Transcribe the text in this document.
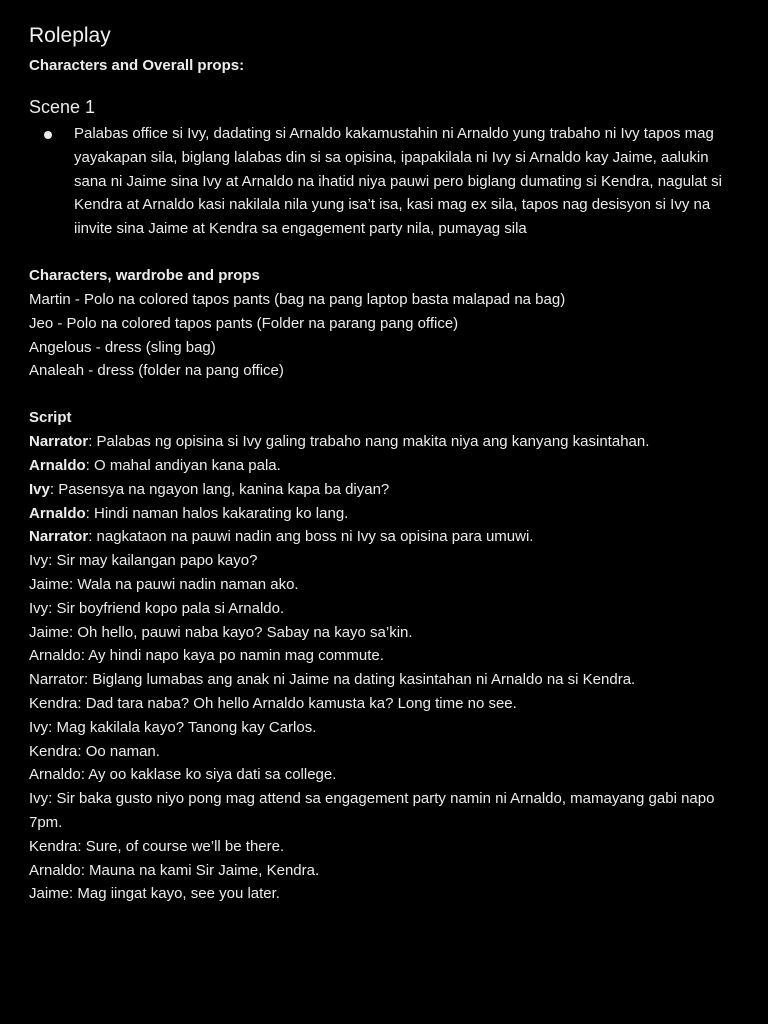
Roleplay

Characters and Overall props:

Scene 1
Palabas office si Ivy, dadating si Arnaldo kakamustahin ni Arnaldo yung trabaho ni Ivy tapos mag yayakapan sila, biglang lalabas din si sa opisina, ipapakilala ni Ivy si Arnaldo kay Jaime, aalukin sana ni Jaime sina Ivy at Arnaldo na ihatid niya pauwi pero biglang dumating si Kendra, nagulat si Kendra at Arnaldo kasi nakilala nila yung isa’t isa, kasi mag ex sila, tapos nag desisyon si Ivy na iinvite sina Jaime at Kendra sa engagement party nila, pumayag sila

Characters, wardrobe and props

Martin - Polo na colored tapos pants (bag na pang laptop basta malapad na bag)

Jeo - Polo na colored tapos pants (Folder na parang pang office)

Angelous - dress (sling bag)

Analeah - dress (folder na pang office)

Script

Narrator: Palabas ng opisina si Ivy galing trabaho nang makita niya ang kanyang kasintahan.

Arnaldo: O mahal andiyan kana pala.

Ivy: Pasensya na ngayon lang, kanina kapa ba diyan?

Arnaldo: Hindi naman halos kakarating ko lang.

Narrator: nagkataon na pauwi nadin ang boss ni Ivy sa opisina para umuwi.

Ivy: Sir may kailangan papo kayo?

Jaime: Wala na pauwi nadin naman ako.

Ivy: Sir boyfriend kopo pala si Arnaldo.

Jaime: Oh hello, pauwi naba kayo? Sabay na kayo sa’kin.

Arnaldo: Ay hindi napo kaya po namin mag commute.

Narrator: Biglang lumabas ang anak ni Jaime na dating kasintahan ni Arnaldo na si Kendra.

Kendra: Dad tara naba? Oh hello Arnaldo kamusta ka? Long time no see.

Ivy: Mag kakilala kayo? Tanong kay Carlos.

Kendra: Oo naman.

Arnaldo: Ay oo kaklase ko siya dati sa college.

Ivy: Sir baka gusto niyo pong mag attend sa engagement party namin ni Arnaldo, mamayang gabi napo 7pm.

Kendra: Sure, of course we’ll be there.

Arnaldo: Mauna na kami Sir Jaime, Kendra.

Jaime: Mag iingat kayo, see you later.
